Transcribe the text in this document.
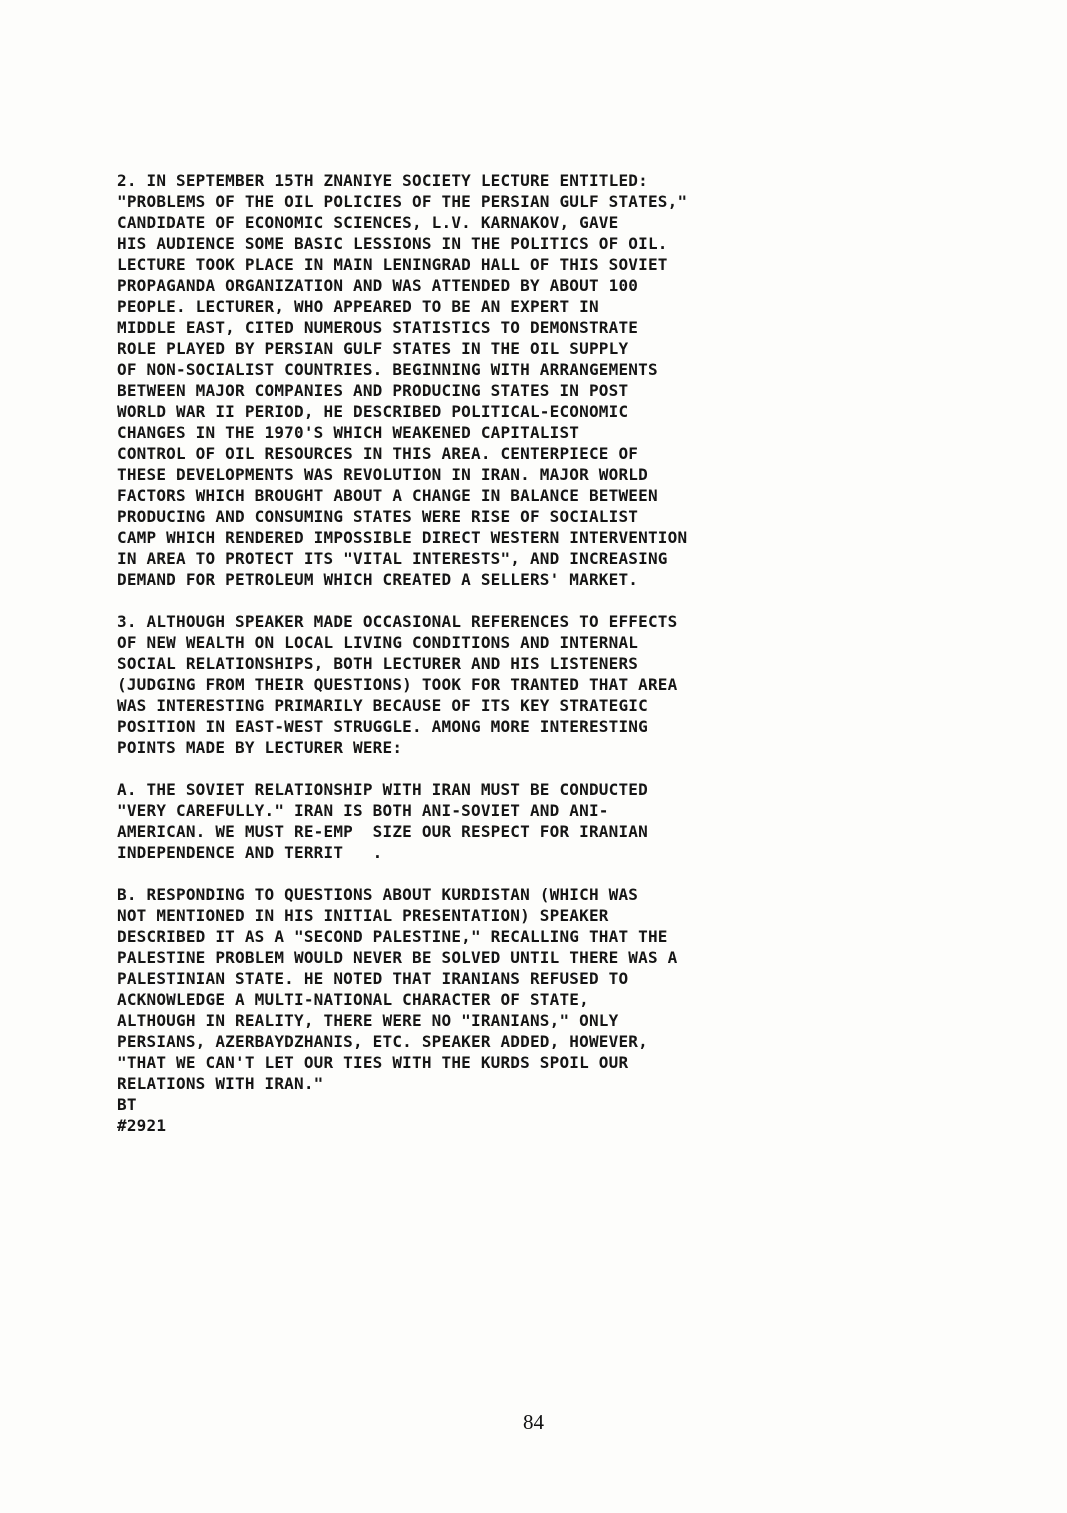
2. IN SEPTEMBER 15TH ZNANIYE SOCIETY LECTURE ENTITLED:
"PROBLEMS OF THE OIL POLICIES OF THE PERSIAN GULF STATES,"
CANDIDATE OF ECONOMIC SCIENCES, L.V. KARNAKOV, GAVE
HIS AUDIENCE SOME BASIC LESSIONS IN THE POLITICS OF OIL.
LECTURE TOOK PLACE IN MAIN LENINGRAD HALL OF THIS SOVIET
PROPAGANDA ORGANIZATION AND WAS ATTENDED BY ABOUT 100
PEOPLE. LECTURER, WHO APPEARED TO BE AN EXPERT IN
MIDDLE EAST, CITED NUMEROUS STATISTICS TO DEMONSTRATE
ROLE PLAYED BY PERSIAN GULF STATES IN THE OIL SUPPLY
OF NON-SOCIALIST COUNTRIES. BEGINNING WITH ARRANGEMENTS
BETWEEN MAJOR COMPANIES AND PRODUCING STATES IN POST
WORLD WAR II PERIOD, HE DESCRIBED POLITICAL-ECONOMIC
CHANGES IN THE 1970'S WHICH WEAKENED CAPITALIST
CONTROL OF OIL RESOURCES IN THIS AREA. CENTERPIECE OF
THESE DEVELOPMENTS WAS REVOLUTION IN IRAN. MAJOR WORLD
FACTORS WHICH BROUGHT ABOUT A CHANGE IN BALANCE BETWEEN
PRODUCING AND CONSUMING STATES WERE RISE OF SOCIALIST
CAMP WHICH RENDERED IMPOSSIBLE DIRECT WESTERN INTERVENTION
IN AREA TO PROTECT ITS "VITAL INTERESTS", AND INCREASING
DEMAND FOR PETROLEUM WHICH CREATED A SELLERS' MARKET.
3. ALTHOUGH SPEAKER MADE OCCASIONAL REFERENCES TO EFFECTS
OF NEW WEALTH ON LOCAL LIVING CONDITIONS AND INTERNAL
SOCIAL RELATIONSHIPS, BOTH LECTURER AND HIS LISTENERS
(JUDGING FROM THEIR QUESTIONS) TOOK FOR TRANTED THAT AREA
WAS INTERESTING PRIMARILY BECAUSE OF ITS KEY STRATEGIC
POSITION IN EAST-WEST STRUGGLE. AMONG MORE INTERESTING
POINTS MADE BY LECTURER WERE:
A. THE SOVIET RELATIONSHIP WITH IRAN MUST BE CONDUCTED
"VERY CAREFULLY." IRAN IS BOTH ANI-SOVIET AND ANI-
AMERICAN. WE MUST RE-EMP  SIZE OUR RESPECT FOR IRANIAN
INDEPENDENCE AND TERRIT   .
B. RESPONDING TO QUESTIONS ABOUT KURDISTAN (WHICH WAS
NOT MENTIONED IN HIS INITIAL PRESENTATION) SPEAKER
DESCRIBED IT AS A "SECOND PALESTINE," RECALLING THAT THE
PALESTINE PROBLEM WOULD NEVER BE SOLVED UNTIL THERE WAS A
PALESTINIAN STATE. HE NOTED THAT IRANIANS REFUSED TO
ACKNOWLEDGE A MULTI-NATIONAL CHARACTER OF STATE,
ALTHOUGH IN REALITY, THERE WERE NO "IRANIANS," ONLY
PERSIANS, AZERBAYDZHANIS, ETC. SPEAKER ADDED, HOWEVER,
"THAT WE CAN'T LET OUR TIES WITH THE KURDS SPOIL OUR
RELATIONS WITH IRAN."
BT
#2921
84
